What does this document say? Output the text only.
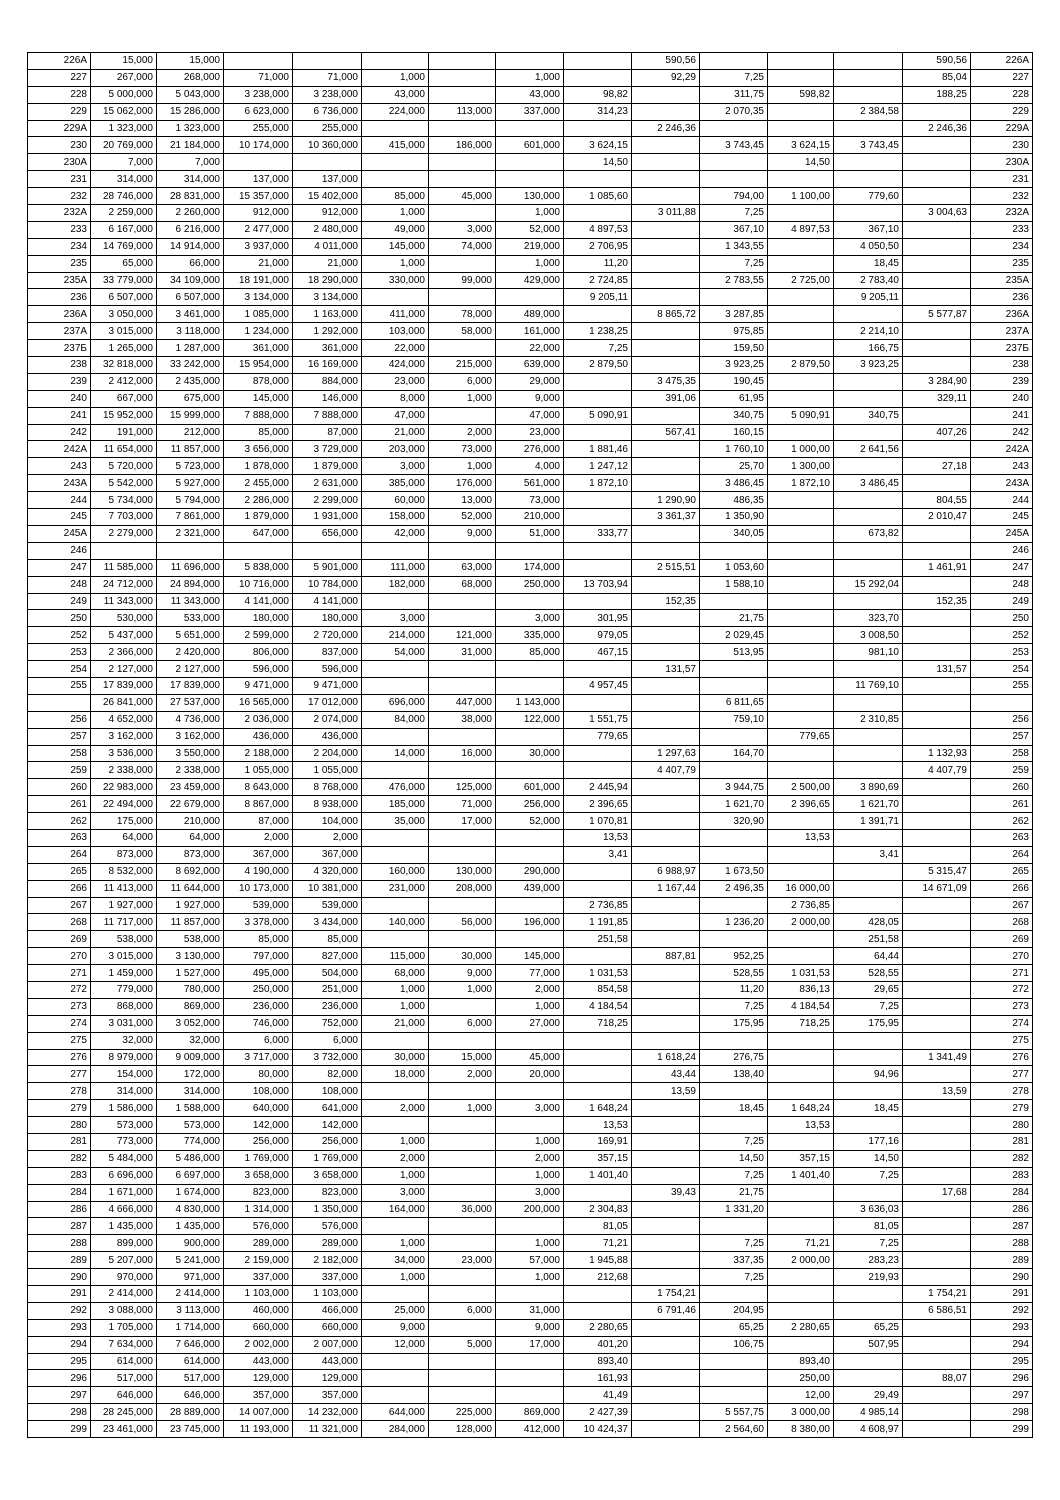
226А	15,000	15,000							590,56				590,56	226А
227	267,000	268,000	71,000	71,000	1,000		1,000		92,29	7,25			85,04	227
228	5 000,000	5 043,000	3 238,000	3 238,000	43,000		43,000	98,82		311,75	598,82		188,25	228
229	15 062,000	15 286,000	6 623,000	6 736,000	224,000	113,000	337,000	314,23		2 070,35		2 384,58		229
229А	1 323,000	1 323,000	255,000	255,000					2 246,36				2 246,36	229А
230	20 769,000	21 184,000	10 174,000	10 360,000	415,000	186,000	601,000	3 624,15		3 743,45	3 624,15	3 743,45		230
230А	7,000	7,000						14,50			14,50			230А
231	314,000	314,000	137,000	137,000										231
232	28 746,000	28 831,000	15 357,000	15 402,000	85,000	45,000	130,000	1 085,60		794,00	1 100,00	779,60		232
232А	2 259,000	2 260,000	912,000	912,000	1,000		1,000		3 011,88	7,25			3 004,63	232А
233	6 167,000	6 216,000	2 477,000	2 480,000	49,000	3,000	52,000	4 897,53		367,10	4 897,53	367,10		233
234	14 769,000	14 914,000	3 937,000	4 011,000	145,000	74,000	219,000	2 706,95		1 343,55		4 050,50		234
235	65,000	66,000	21,000	21,000	1,000		1,000	11,20		7,25		18,45		235
235А	33 779,000	34 109,000	18 191,000	18 290,000	330,000	99,000	429,000	2 724,85		2 783,55	2 725,00	2 783,40		235А
236	6 507,000	6 507,000	3 134,000	3 134,000				9 205,11				9 205,11		236
236А	3 050,000	3 461,000	1 085,000	1 163,000	411,000	78,000	489,000		8 865,72	3 287,85			5 577,87	236А
237А	3 015,000	3 118,000	1 234,000	1 292,000	103,000	58,000	161,000	1 238,25		975,85		2 214,10		237А
237Б	1 265,000	1 287,000	361,000	361,000	22,000		22,000	7,25		159,50		166,75		237Б
238	32 818,000	33 242,000	15 954,000	16 169,000	424,000	215,000	639,000	2 879,50		3 923,25	2 879,50	3 923,25		238
239	2 412,000	2 435,000	878,000	884,000	23,000	6,000	29,000		3 475,35	190,45			3 284,90	239
240	667,000	675,000	145,000	146,000	8,000	1,000	9,000		391,06	61,95			329,11	240
241	15 952,000	15 999,000	7 888,000	7 888,000	47,000		47,000	5 090,91		340,75	5 090,91	340,75		241
242	191,000	212,000	85,000	87,000	21,000	2,000	23,000		567,41	160,15			407,26	242
242А	11 654,000	11 857,000	3 656,000	3 729,000	203,000	73,000	276,000	1 881,46		1 760,10	1 000,00	2 641,56		242А
243	5 720,000	5 723,000	1 878,000	1 879,000	3,000	1,000	4,000	1 247,12		25,70	1 300,00		27,18	243
243А	5 542,000	5 927,000	2 455,000	2 631,000	385,000	176,000	561,000	1 872,10		3 486,45	1 872,10	3 486,45		243А
244	5 734,000	5 794,000	2 286,000	2 299,000	60,000	13,000	73,000		1 290,90	486,35			804,55	244
245	7 703,000	7 861,000	1 879,000	1 931,000	158,000	52,000	210,000		3 361,37	1 350,90			2 010,47	245
245А	2 279,000	2 321,000	647,000	656,000	42,000	9,000	51,000	333,77		340,05		673,82		245А
246														246
247	11 585,000	11 696,000	5 838,000	5 901,000	111,000	63,000	174,000		2 515,51	1 053,60			1 461,91	247
248	24 712,000	24 894,000	10 716,000	10 784,000	182,000	68,000	250,000	13 703,94		1 588,10		15 292,04		248
249	11 343,000	11 343,000	4 141,000	4 141,000					152,35				152,35	249
250	530,000	533,000	180,000	180,000	3,000		3,000	301,95		21,75		323,70		250
252	5 437,000	5 651,000	2 599,000	2 720,000	214,000	121,000	335,000	979,05		2 029,45		3 008,50		252
253	2 366,000	2 420,000	806,000	837,000	54,000	31,000	85,000	467,15		513,95		981,10		253
254	2 127,000	2 127,000	596,000	596,000					131,57				131,57	254
255	17 839,000	17 839,000	9 471,000	9 471,000				4 957,45				11 769,10		255
	26 841,000	27 537,000	16 565,000	17 012,000	696,000	447,000	1 143,000			6 811,65				
256	4 652,000	4 736,000	2 036,000	2 074,000	84,000	38,000	122,000	1 551,75		759,10		2 310,85		256
257	3 162,000	3 162,000	436,000	436,000				779,65			779,65			257
258	3 536,000	3 550,000	2 188,000	2 204,000	14,000	16,000	30,000		1 297,63	164,70			1 132,93	258
259	2 338,000	2 338,000	1 055,000	1 055,000					4 407,79				4 407,79	259
260	22 983,000	23 459,000	8 643,000	8 768,000	476,000	125,000	601,000	2 445,94		3 944,75	2 500,00	3 890,69		260
261	22 494,000	22 679,000	8 867,000	8 938,000	185,000	71,000	256,000	2 396,65		1 621,70	2 396,65	1 621,70		261
262	175,000	210,000	87,000	104,000	35,000	17,000	52,000	1 070,81		320,90		1 391,71		262
263	64,000	64,000	2,000	2,000				13,53			13,53			263
264	873,000	873,000	367,000	367,000				3,41				3,41		264
265	8 532,000	8 692,000	4 190,000	4 320,000	160,000	130,000	290,000		6 988,97	1 673,50			5 315,47	265
266	11 413,000	11 644,000	10 173,000	10 381,000	231,000	208,000	439,000		1 167,44	2 496,35	16 000,00		14 671,09	266
267	1 927,000	1 927,000	539,000	539,000				2 736,85			2 736,85			267
268	11 717,000	11 857,000	3 378,000	3 434,000	140,000	56,000	196,000	1 191,85		1 236,20	2 000,00	428,05		268
269	538,000	538,000	85,000	85,000				251,58				251,58		269
270	3 015,000	3 130,000	797,000	827,000	115,000	30,000	145,000		887,81	952,25		64,44		270
271	1 459,000	1 527,000	495,000	504,000	68,000	9,000	77,000	1 031,53		528,55	1 031,53	528,55		271
272	779,000	780,000	250,000	251,000	1,000	1,000	2,000	854,58		11,20	836,13	29,65		272
273	868,000	869,000	236,000	236,000	1,000		1,000	4 184,54		7,25	4 184,54	7,25		273
274	3 031,000	3 052,000	746,000	752,000	21,000	6,000	27,000	718,25		175,95	718,25	175,95		274
275	32,000	32,000	6,000	6,000										275
276	8 979,000	9 009,000	3 717,000	3 732,000	30,000	15,000	45,000		1 618,24	276,75			1 341,49	276
277	154,000	172,000	80,000	82,000	18,000	2,000	20,000		43,44	138,40		94,96		277
278	314,000	314,000	108,000	108,000					13,59				13,59	278
279	1 586,000	1 588,000	640,000	641,000	2,000	1,000	3,000	1 648,24		18,45	1 648,24	18,45		279
280	573,000	573,000	142,000	142,000				13,53			13,53			280
281	773,000	774,000	256,000	256,000	1,000		1,000	169,91		7,25		177,16		281
282	5 484,000	5 486,000	1 769,000	1 769,000	2,000		2,000	357,15		14,50	357,15	14,50		282
283	6 696,000	6 697,000	3 658,000	3 658,000	1,000		1,000	1 401,40		7,25	1 401,40	7,25		283
284	1 671,000	1 674,000	823,000	823,000	3,000		3,000		39,43	21,75			17,68	284
286	4 666,000	4 830,000	1 314,000	1 350,000	164,000	36,000	200,000	2 304,83		1 331,20		3 636,03		286
287	1 435,000	1 435,000	576,000	576,000				81,05				81,05		287
288	899,000	900,000	289,000	289,000	1,000		1,000	71,21		7,25	71,21	7,25		288
289	5 207,000	5 241,000	2 159,000	2 182,000	34,000	23,000	57,000	1 945,88		337,35	2 000,00	283,23		289
290	970,000	971,000	337,000	337,000	1,000		1,000	212,68		7,25		219,93		290
291	2 414,000	2 414,000	1 103,000	1 103,000					1 754,21				1 754,21	291
292	3 088,000	3 113,000	460,000	466,000	25,000	6,000	31,000		6 791,46	204,95			6 586,51	292
293	1 705,000	1 714,000	660,000	660,000	9,000		9,000	2 280,65		65,25	2 280,65	65,25		293
294	7 634,000	7 646,000	2 002,000	2 007,000	12,000	5,000	17,000	401,20		106,75		507,95		294
295	614,000	614,000	443,000	443,000				893,40			893,40			295
296	517,000	517,000	129,000	129,000				161,93			250,00		88,07	296
297	646,000	646,000	357,000	357,000				41,49			12,00	29,49		297
298	28 245,000	28 889,000	14 007,000	14 232,000	644,000	225,000	869,000	2 427,39		5 557,75	3 000,00	4 985,14		298
299	23 461,000	23 745,000	11 193,000	11 321,000	284,000	128,000	412,000	10 424,37		2 564,60	8 380,00	4 608,97		299
